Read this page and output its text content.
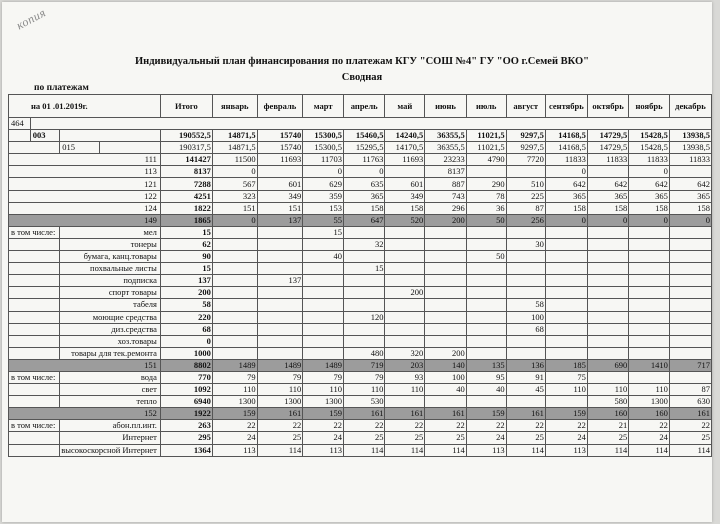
копия
Индивидуальный план финансирования по платежам КГУ "СОШ №4" ГУ "ОО г.Семей ВКО"
Сводная
по платежам
на 01 .01.2019г.				Итого	январь	февраль	март	апрель	май	июнь	июль	август	сентябрь	октябрь	ноябрь	декабрь
464																
	003			190552,5	14871,5	15740	15300,5	15460,5	14240,5	36355,5	11021,5	9297,5	14168,5	14729,5	15428,5	13938,5
		015		190317,5	14871,5	15740	15300,5	15295,5	14170,5	36355,5	11021,5	9297,5	14168,5	14729,5	15428,5	13938,5
111				141427	11500	11693	11703	11763	11693	23233	4790	7720	11833	11833	11833	11833
113				8137	0		0	0		8137			0		0	
121				7288	567	601	629	635	601	887	290	510	642	642	642	642
122				4251	323	349	359	365	349	743	78	225	365	365	365	365
124				1822	151	151	153	158	158	296	36	87	158	158	158	158
149				1865	0	137	55	647	520	200	50	256	0	0	0	0
в том числе:		мел		15			15									
		тонеры		62				32				30				
		бумага, канц.товары		90			40				50					
		похвальные листы		15				15								
		подписка		137		137										
		спорт товары		200					200							
		табеля		58								58				
		моющие средства		220				120				100				
		диз.средства		68								68				
		хоз.товары		0												
		товары для тек.ремонта		1000				480	320	200						
151				8802	1489	1489	1489	719	203	140	135	136	185	690	1410	717
в том числе:		вода		770	79	79	79	79	93	100	95	91	75			
		свет		1092	110	110	110	110	110	40	40	45	110	110	110	87
		тепло		6940	1300	1300	1300	530						580	1300	630
152				1922	159	161	159	161	161	161	159	161	159	160	160	161
в том числе:		абон.пл.инт.		263	22	22	22	22	22	22	22	22	22	21	22	22
		Интернет		295	24	25	24	25	25	25	24	25	24	25	24	25
		высокоскорсной Интернет		1364	113	114	113	114	114	114	113	114	113	114	114	114
